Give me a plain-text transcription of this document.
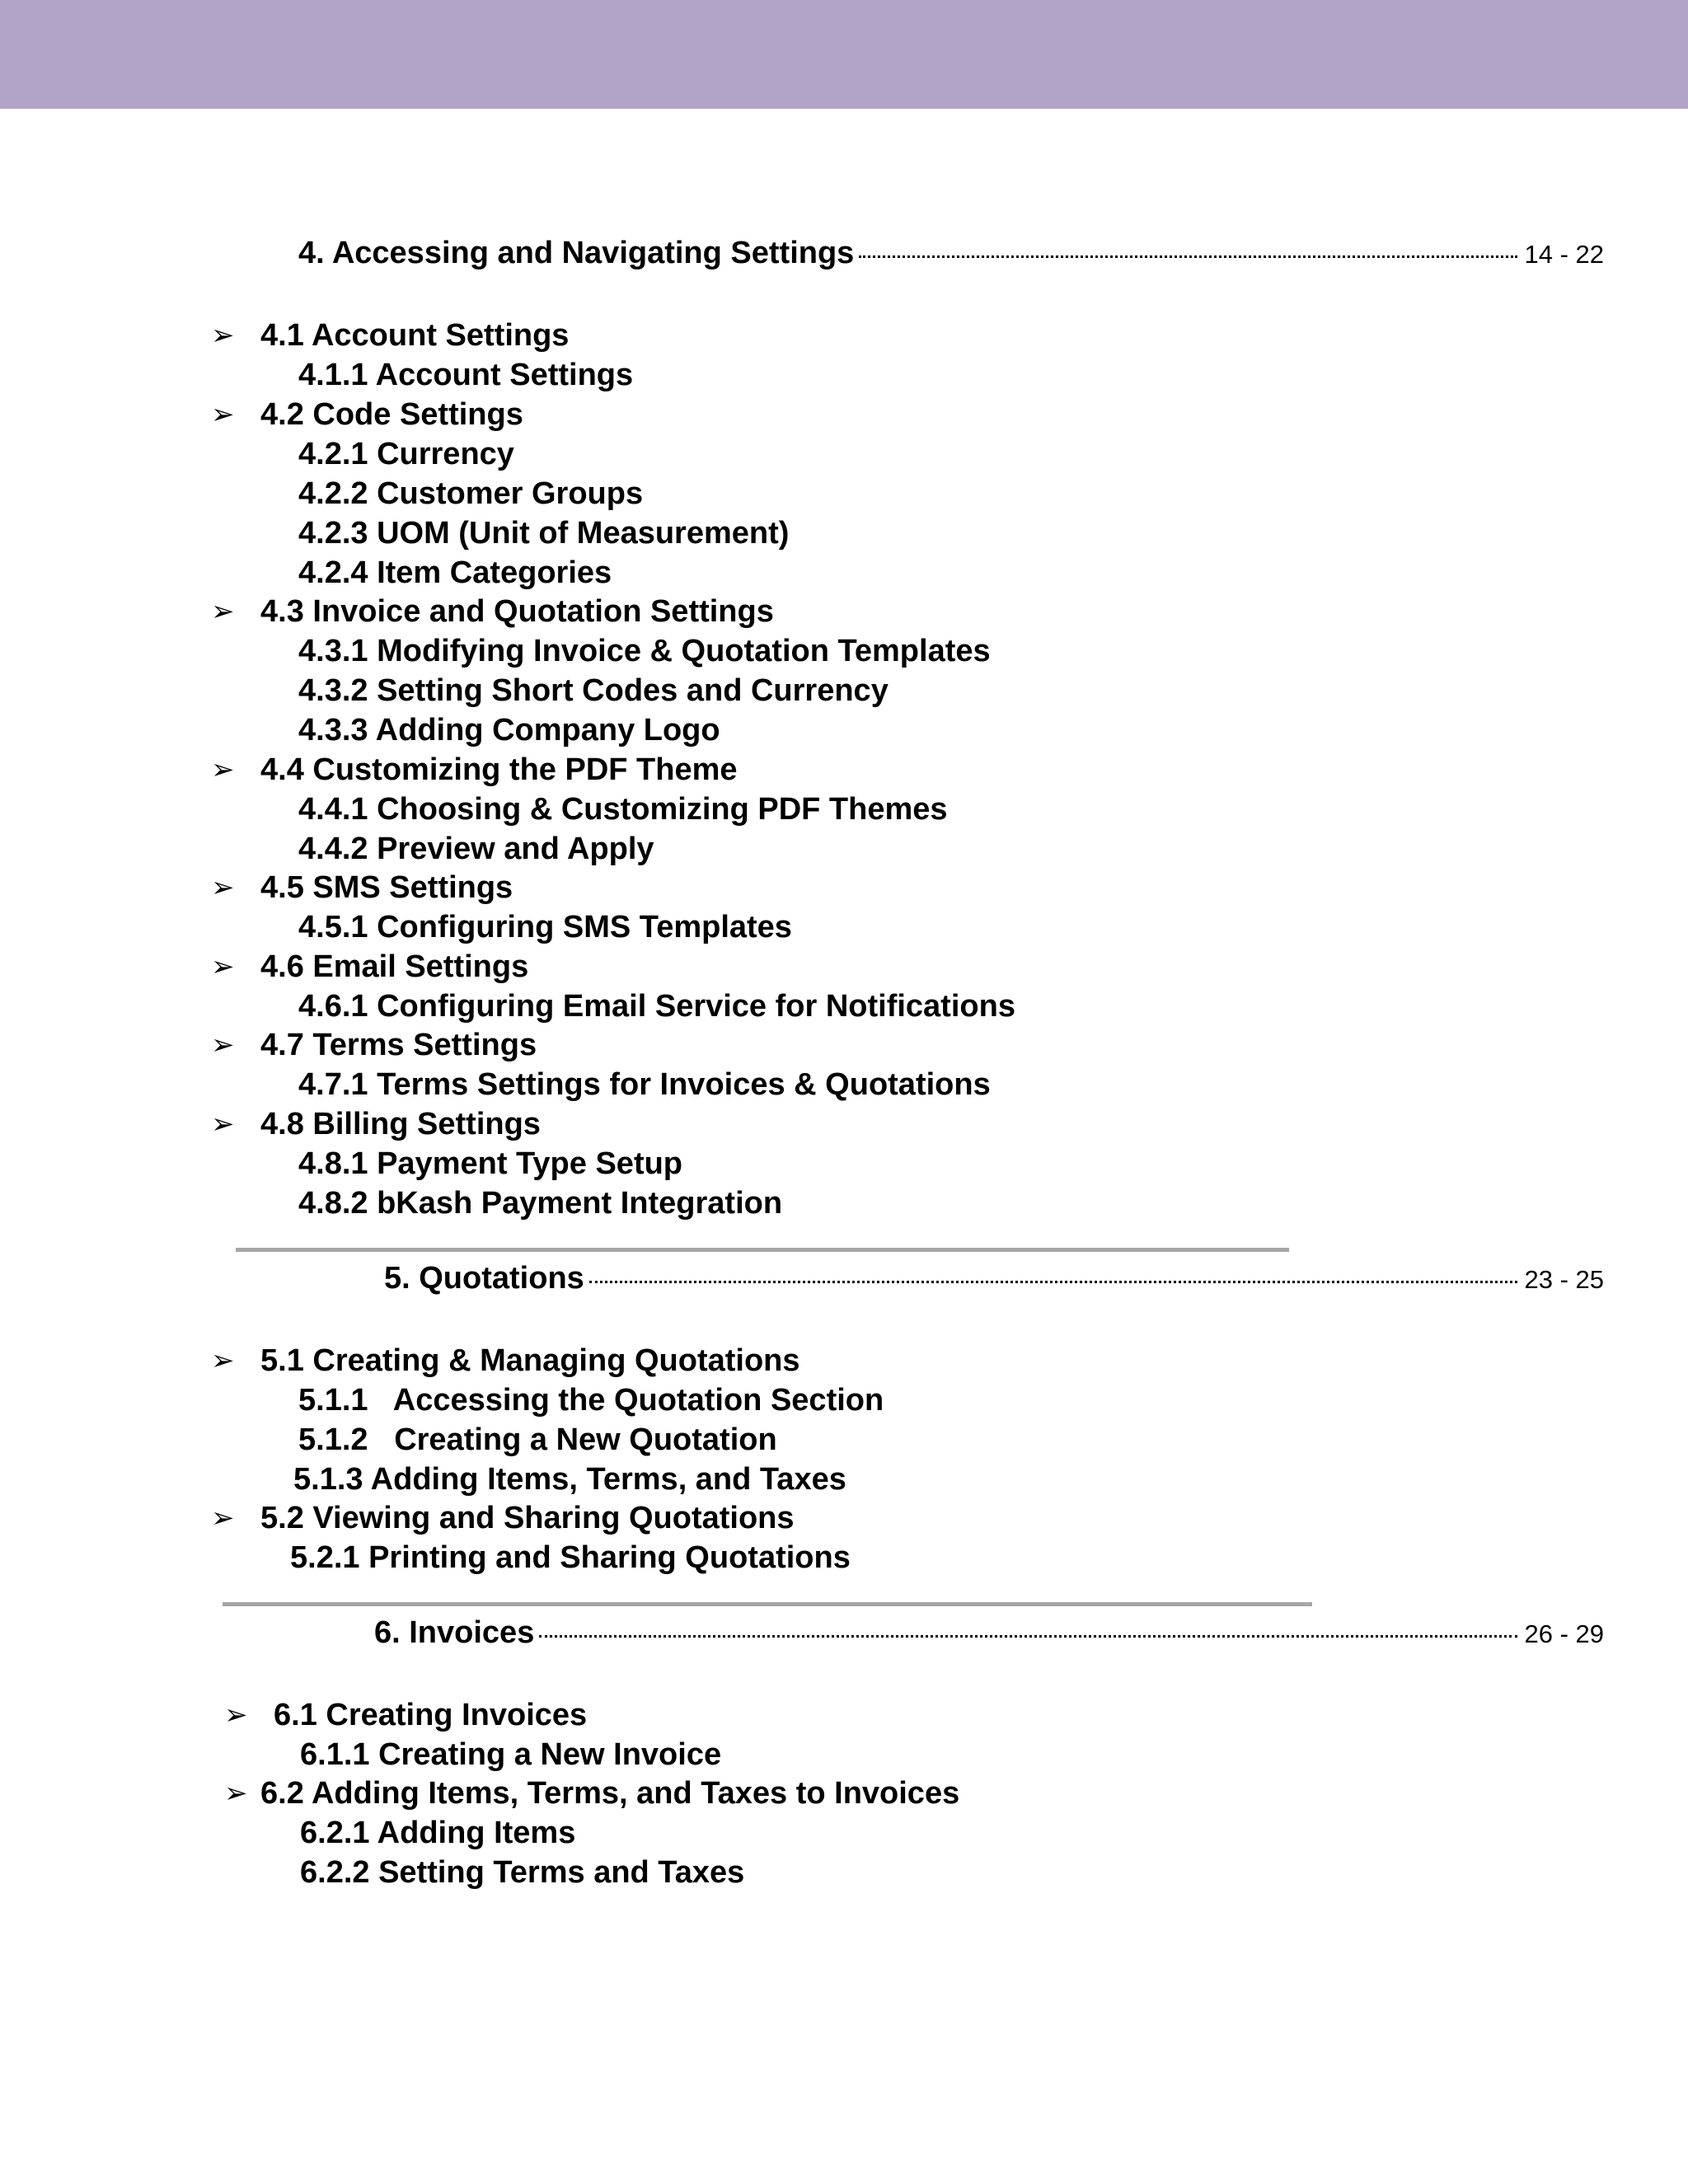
4. Accessing and Navigating Settings	14 - 22
➢ 4.1 Account Settings
4.1.1 Account Settings
➢ 4.2 Code Settings
4.2.1 Currency
4.2.2 Customer Groups
4.2.3 UOM (Unit of Measurement)
4.2.4 Item Categories
➢ 4.3 Invoice and Quotation Settings
4.3.1 Modifying Invoice & Quotation Templates
4.3.2 Setting Short Codes and Currency
4.3.3 Adding Company Logo
➢ 4.4 Customizing the PDF Theme
4.4.1 Choosing & Customizing PDF Themes
4.4.2 Preview and Apply
➢ 4.5 SMS Settings
4.5.1 Configuring SMS Templates
➢ 4.6 Email Settings
4.6.1 Configuring Email Service for Notifications
➢ 4.7 Terms Settings
4.7.1 Terms Settings for Invoices & Quotations
➢ 4.8 Billing Settings
4.8.1 Payment Type Setup
4.8.2 bKash Payment Integration
5. Quotations	23 - 25
➢ 5.1 Creating & Managing Quotations
5.1.1   Accessing the Quotation Section
5.1.2   Creating a New Quotation
5.1.3 Adding Items, Terms, and Taxes
➢ 5.2 Viewing and Sharing Quotations
5.2.1 Printing and Sharing Quotations
6. Invoices	26 - 29
➢ 6.1 Creating Invoices
6.1.1 Creating a New Invoice
➢ 6.2 Adding Items, Terms, and Taxes to Invoices
6.2.1 Adding Items
6.2.2 Setting Terms and Taxes
